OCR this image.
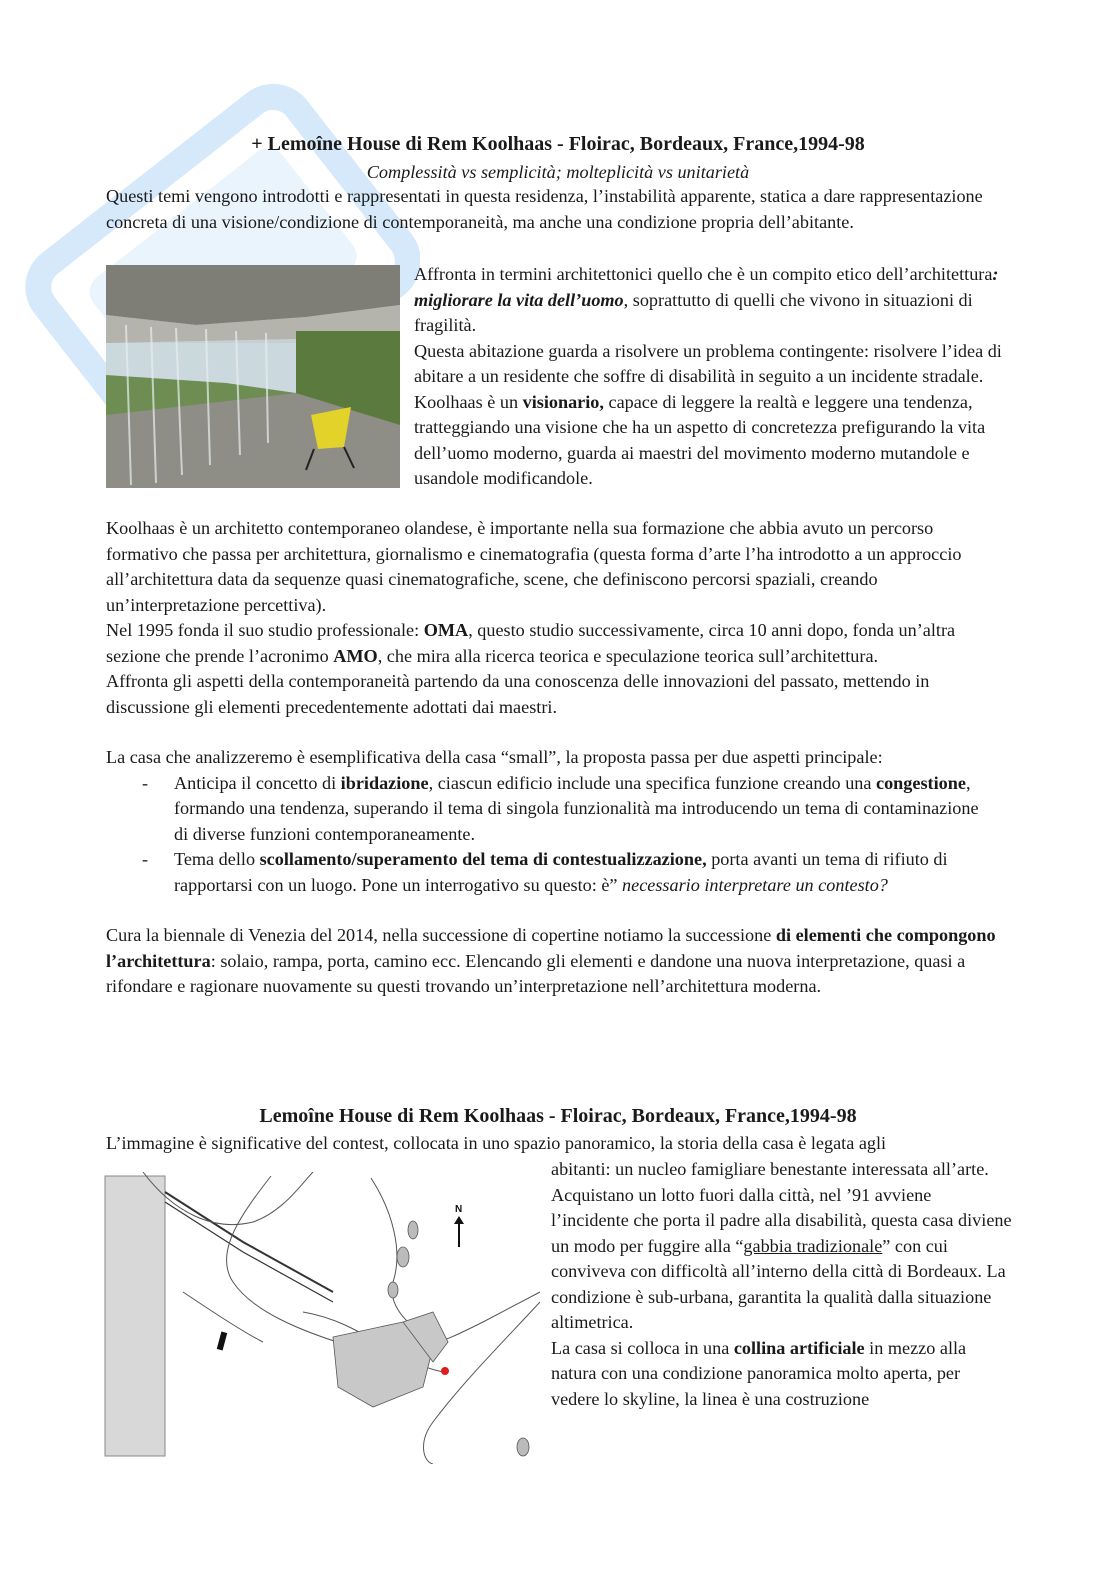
+ Lemoîne House di Rem Koolhaas - Floirac, Bordeaux, France,1994-98
Complessità vs semplicità; molteplicità vs unitarietà

Questi temi vengono introdotti e rappresentati in questa residenza, l’instabilità apparente, statica a dare rappresentazione concreta di una visione/condizione di contemporaneità, ma anche una condizione propria dell’abitante.

Affronta in termini architettonici quello che è un compito etico dell’architettura: migliorare la vita dell’uomo, soprattutto di quelli che vivono in situazioni di fragilità.

Questa abitazione guarda a risolvere un problema contingente: risolvere l’idea di abitare a un residente che soffre di disabilità in seguito a un incidente stradale. Koolhaas è un visionario, capace di leggere la realtà e leggere una tendenza, tratteggiando una visione che ha un aspetto di concretezza prefigurando la vita dell’uomo moderno, guarda ai maestri del movimento moderno mutandole e usandole modificandole.

Koolhaas è un architetto contemporaneo olandese, è importante nella sua formazione che abbia avuto un percorso formativo che passa per architettura, giornalismo e cinematografia (questa forma d’arte l’ha introdotto a un approccio all’architettura data da sequenze quasi cinematografiche, scene, che definiscono percorsi spaziali, creando un’interpretazione percettiva).

Nel 1995 fonda il suo studio professionale: OMA, questo studio successivamente, circa 10 anni dopo, fonda un’altra sezione che prende l’acronimo AMO, che mira alla ricerca teorica e speculazione teorica sull’architettura.

Affronta gli aspetti della contemporaneità partendo da una conoscenza delle innovazioni del passato, mettendo in discussione gli elementi precedentemente adottati dai maestri.

La casa che analizzeremo è esemplificativa della casa “small”, la proposta passa per due aspetti principale:

- Anticipa il concetto di ibridazione, ciascun edificio include una specifica funzione creando una congestione, formando una tendenza, superando il tema di singola funzionalità ma introducendo un tema di contaminazione di diverse funzioni contemporaneamente.
- Tema dello scollamento/superamento del tema di contestualizzazione, porta avanti un tema di rifiuto di rapportarsi con un luogo. Pone un interrogativo su questo: è” necessario interpretare un contesto?

Cura la biennale di Venezia del 2014, nella successione di copertine notiamo la successione di elementi che compongono l’architettura: solaio, rampa, porta, camino ecc. Elencando gli elementi e dandone una nuova interpretazione, quasi a rifondare e ragionare nuovamente su questi trovando un’interpretazione nell’architettura moderna.

Lemoîne House di Rem Koolhaas - Floirac, Bordeaux, France,1994-98

L’immagine è significative del contest, collocata in uno spazio panoramico, la storia della casa è legata agli

N

abitanti: un nucleo famigliare benestante interessata all’arte.

Acquistano un lotto fuori dalla città, nel ’91 avviene l’incidente che porta il padre alla disabilità, questa casa diviene un modo per fuggire alla “gabbia tradizionale” con cui conviveva con difficoltà all’interno della città di Bordeaux. La condizione è sub-urbana, garantita la qualità dalla situazione altimetrica.

La casa si colloca in una collina artificiale in mezzo alla natura con una condizione panoramica molto aperta, per vedere lo skyline, la linea è una costruzione
